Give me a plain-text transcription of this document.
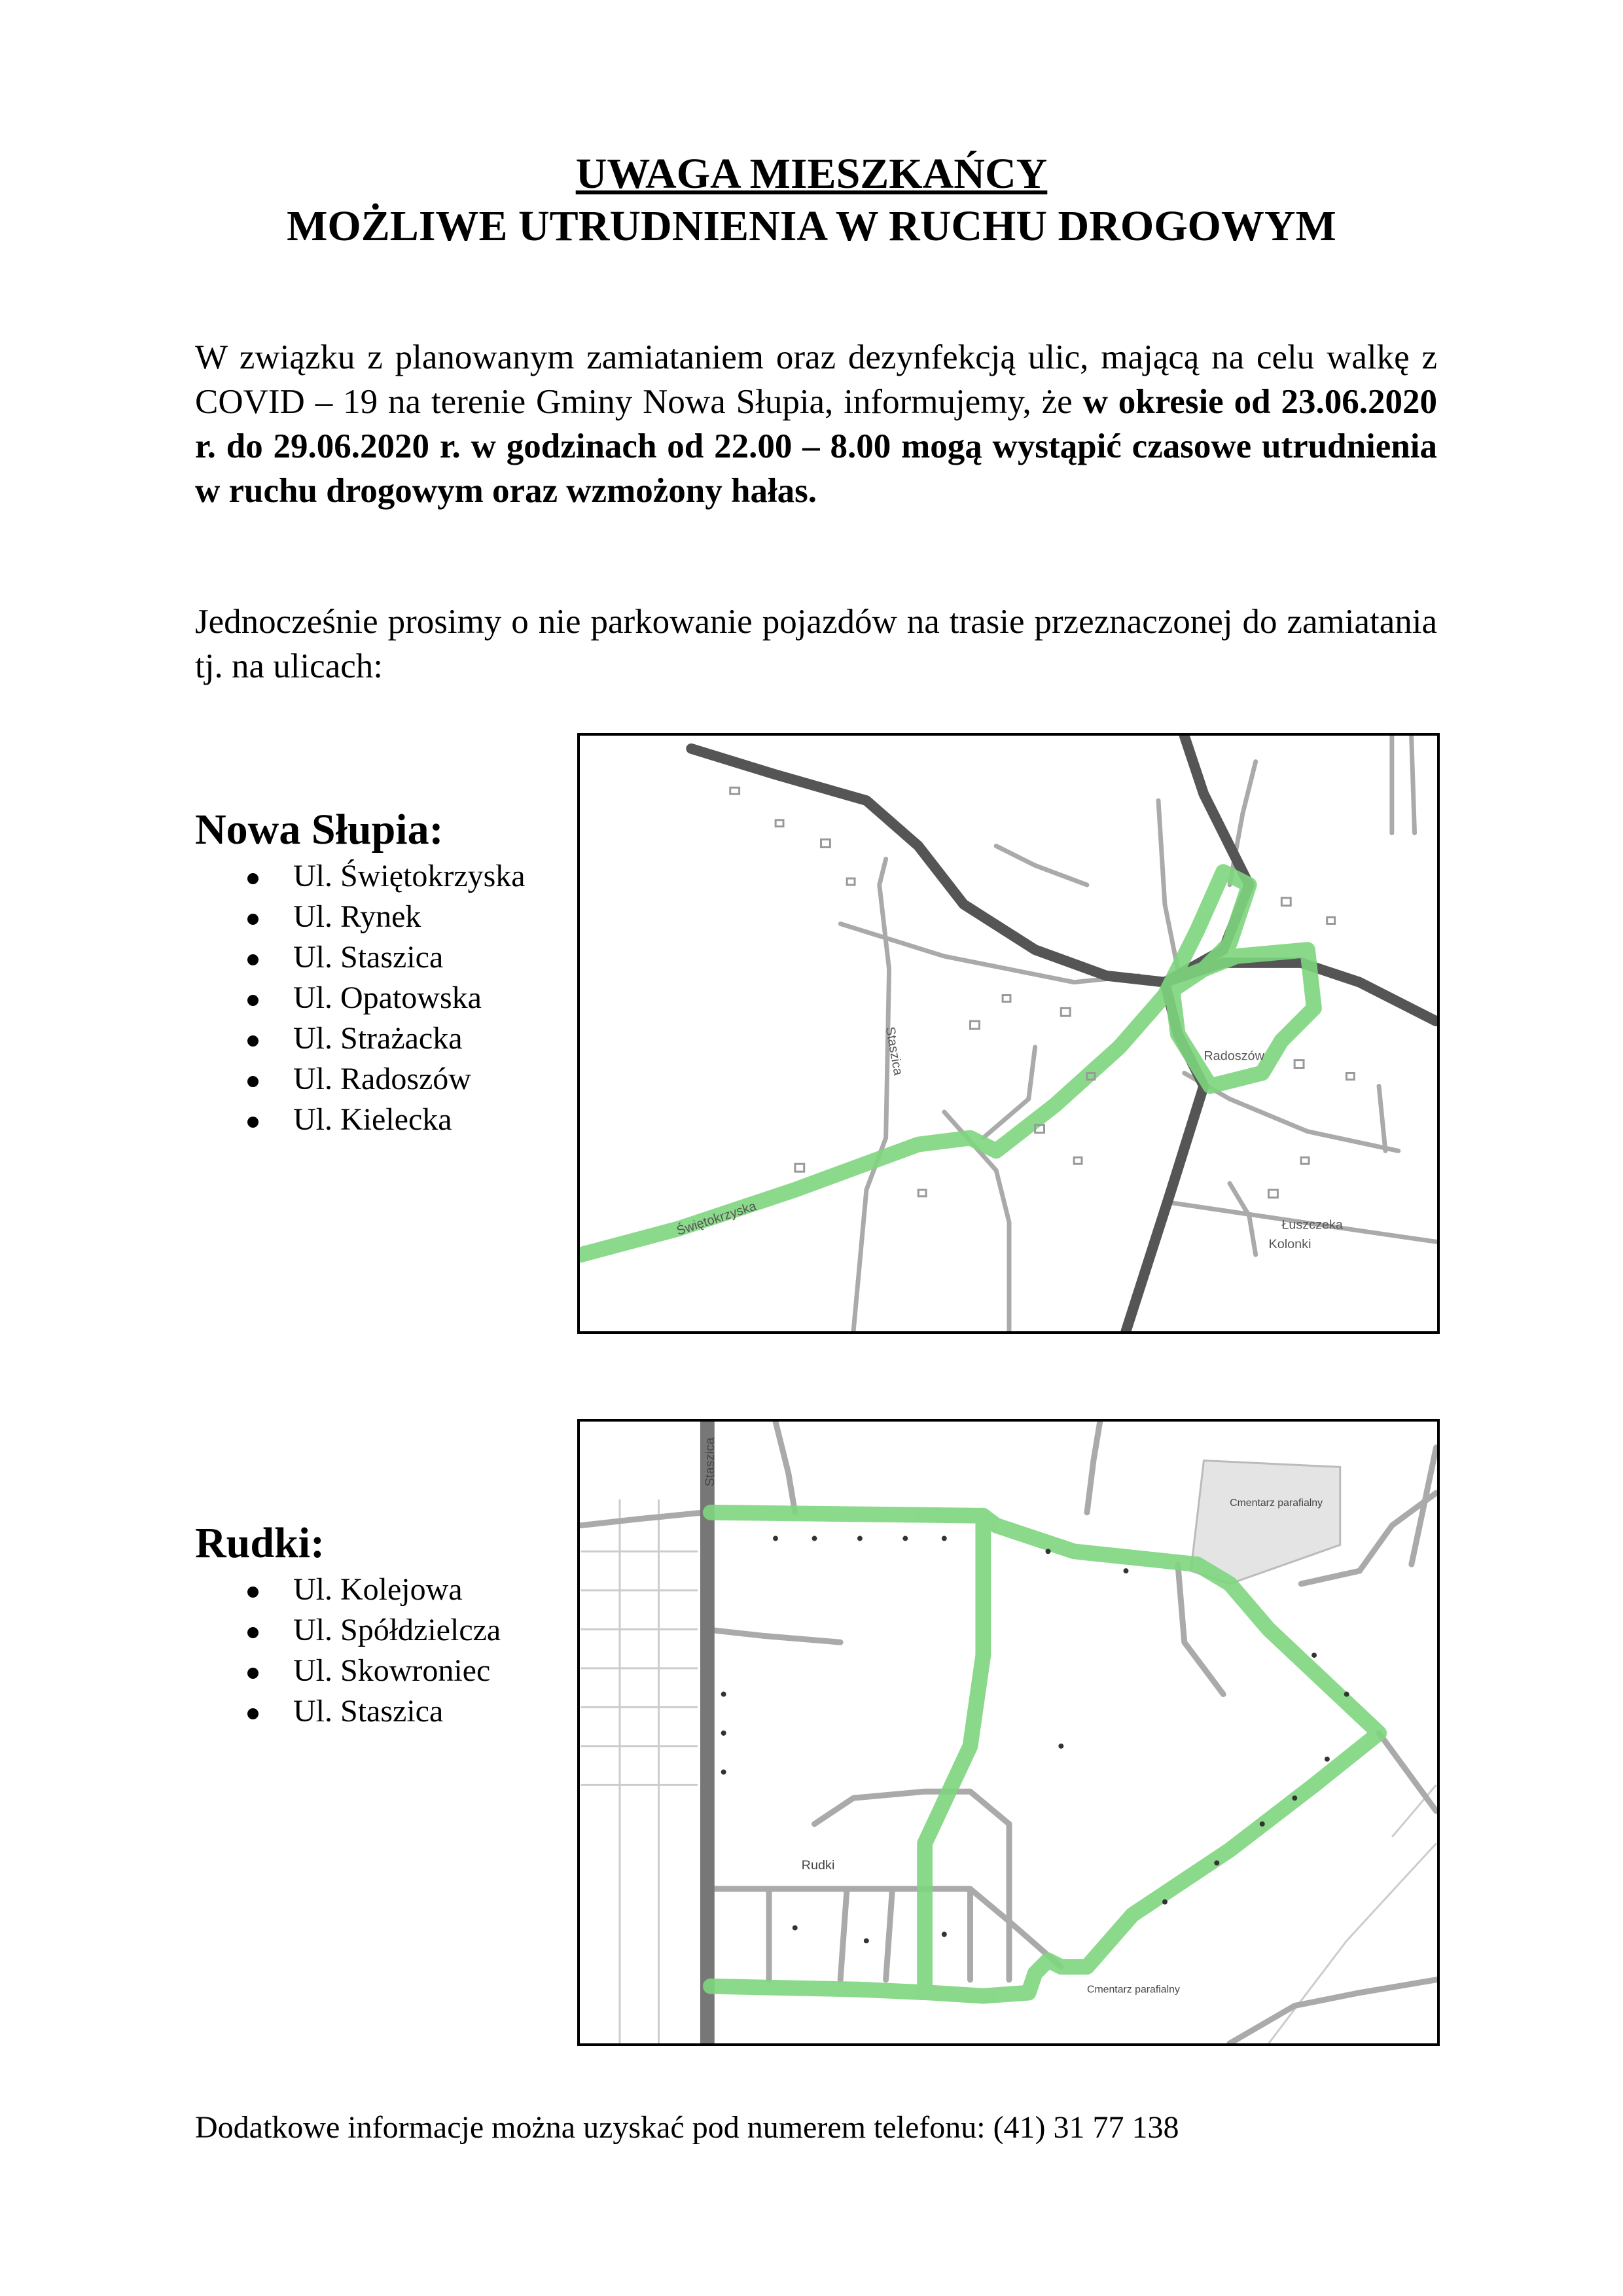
UWAGA MIESZKAŃCY
MOŻLIWE UTRUDNIENIA W RUCHU DROGOWYM
W związku z planowanym zamiataniem oraz dezynfekcją ulic, mającą na celu walkę z COVID – 19 na terenie Gminy Nowa Słupia, informujemy, że w okresie od 23.06.2020 r. do 29.06.2020 r. w godzinach od 22.00 – 8.00 mogą wystąpić czasowe utrudnienia w ruchu drogowym oraz wzmożony hałas.
Jednocześnie prosimy o nie parkowanie pojazdów na trasie przeznaczonej do zamiatania tj. na ulicach:
Nowa Słupia:
Ul. Świętokrzyska
Ul. Rynek
Ul. Staszica
Ul. Opatowska
Ul. Strażacka
Ul. Radoszów
Ul. Kielecka
Świętokrzyska
Staszica	Radoszów
Łuszczeka
Kolonki
Rudki:
Ul. Kolejowa
Ul. Spółdzielcza
Ul. Skowroniec
Ul. Staszica
Staszica
Rudki
Cmentarz parafialny
Cmentarz parafialny
Dodatkowe informacje można uzyskać pod numerem telefonu: (41) 31 77 138
